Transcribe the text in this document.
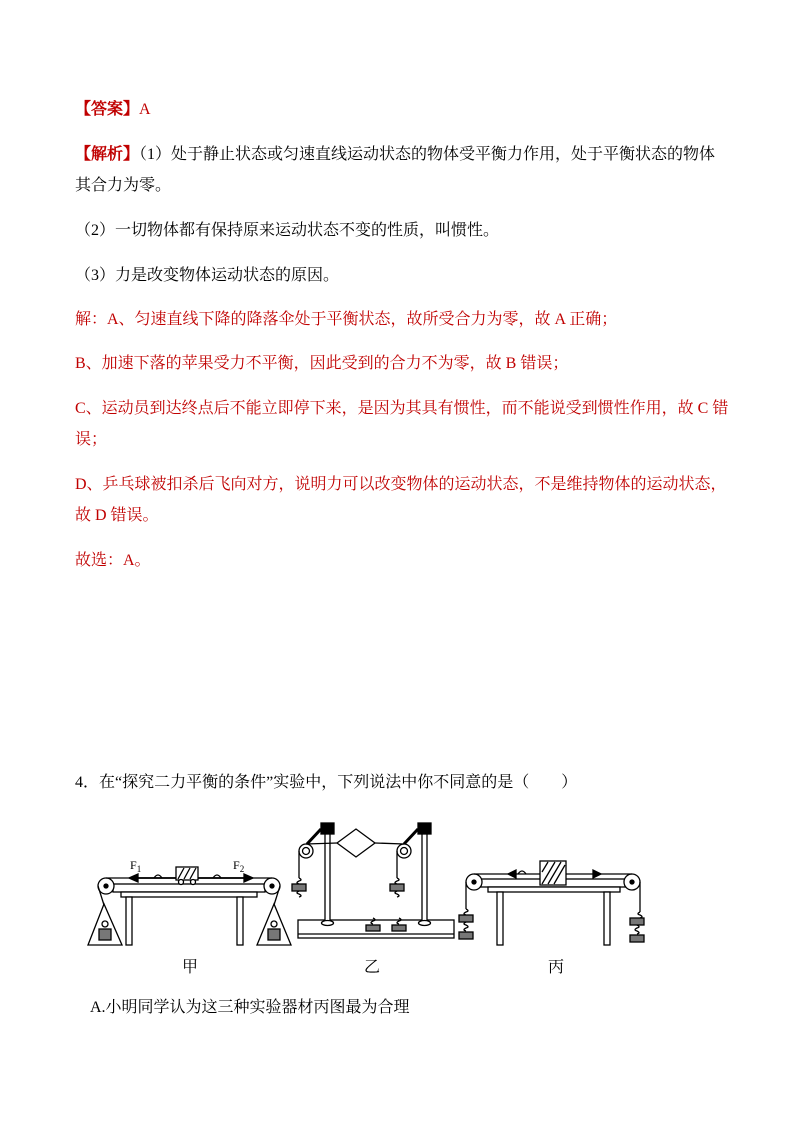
【答案】A
【解析】（1）处于静止状态或匀速直线运动状态的物体受平衡力作用，处于平衡状态的物体
其合力为零。
（2）一切物体都有保持原来运动状态不变的性质，叫惯性。
（3）力是改变物体运动状态的原因。
解：A、匀速直线下降的降落伞处于平衡状态，故所受合力为零，故 A 正确；
B、加速下落的苹果受力不平衡，因此受到的合力不为零，故 B 错误；
C、运动员到达终点后不能立即停下来，是因为其具有惯性，而不能说受到惯性作用，故 C 错
误；
D、乒乓球被扣杀后飞向对方，说明力可以改变物体的运动状态，不是维持物体的运动状态，
故 D 错误。
故选：A。
4．在“探究二力平衡的条件”实验中，下列说法中你不同意的是（　　）
$F_1$	$F_2$
甲	乙	丙
A.小明同学认为这三种实验器材丙图最为合理
